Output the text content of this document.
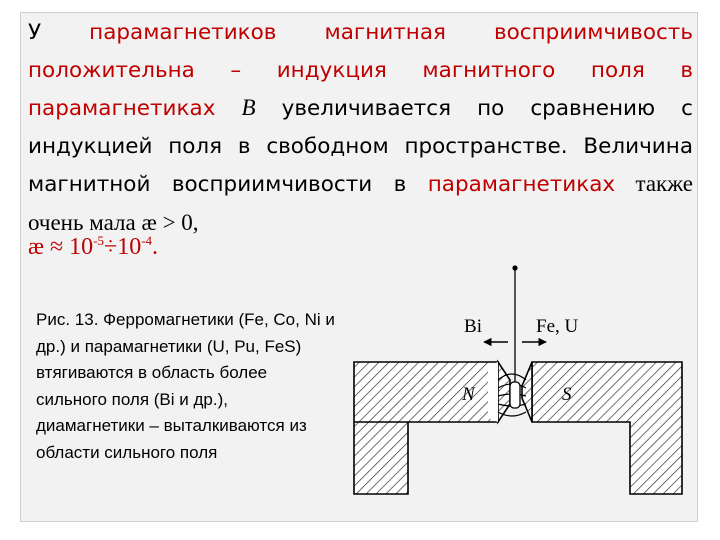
У парамагнетиков магнитная восприимчивость положительна – индукция магнитного поля в парамагнетиках B увеличивается по сравнению с индукцией поля в свободном пространстве. Величина магнитной восприимчивости в парамагнетиках также очень мала æ > 0,
æ ≈ $10^{-5}\div 10^{-4}$.
Рис. 13. Ферромагнетики (Fe, Co, Ni и др.) и парамагнетики (U, Pu, FeS) втягиваются в область более сильного поля (Bi и др.), диамагнетики – выталкиваются из области сильного поля
Bi	Fe, U
N	S
